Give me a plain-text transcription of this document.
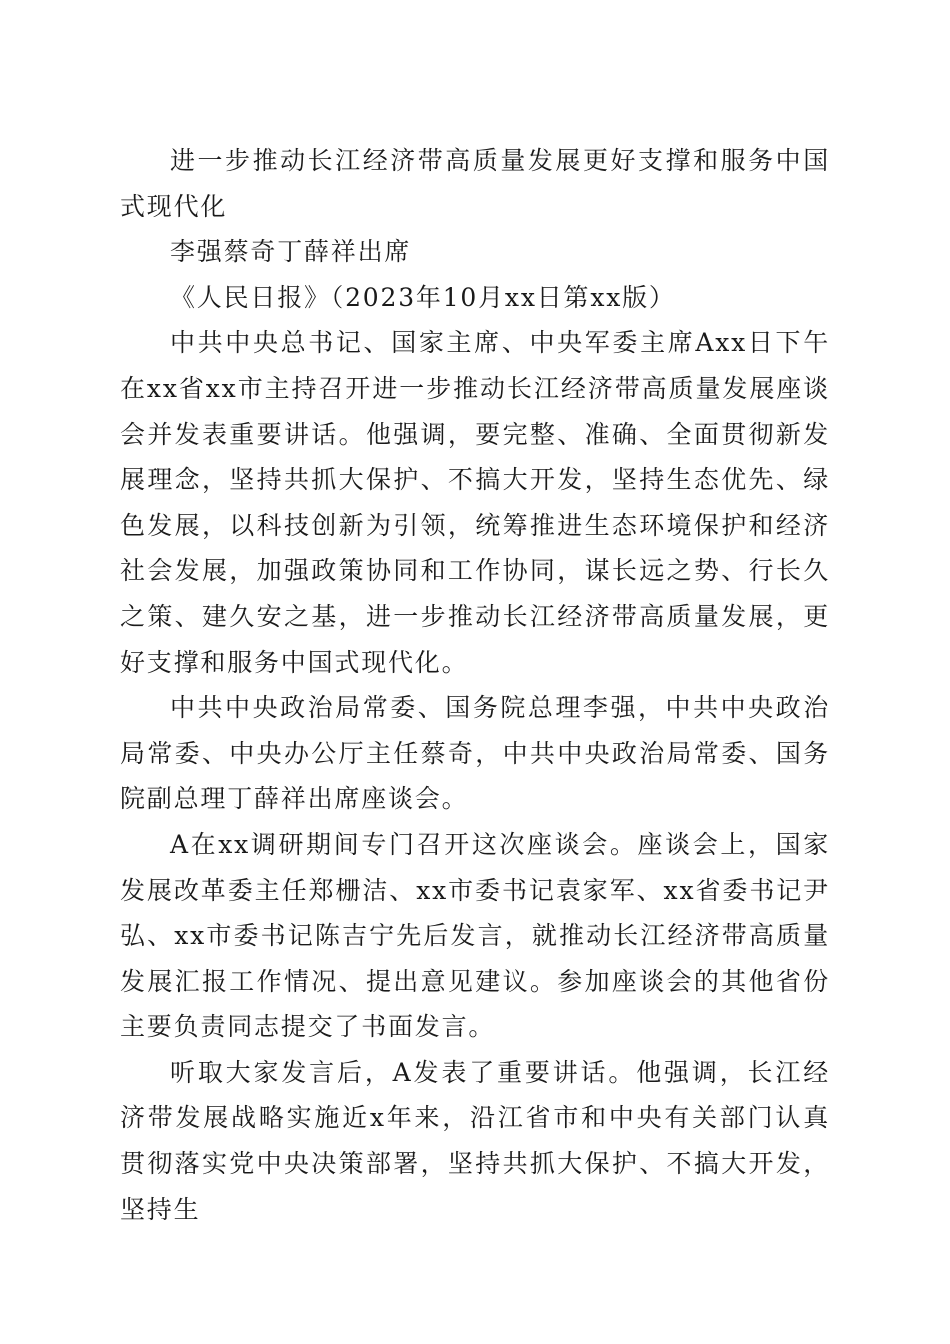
进一步推动长江经济带高质量发展更好支撑和服务中国式现代化

李强蔡奇丁薛祥出席

《人民日报》（2023年10月xx日第xx版）

中共中央总书记、国家主席、中央军委主席Axx日下午在xx省xx市主持召开进一步推动长江经济带高质量发展座谈会并发表重要讲话。他强调，要完整、准确、全面贯彻新发展理念，坚持共抓大保护、不搞大开发，坚持生态优先、绿色发展，以科技创新为引领，统筹推进生态环境保护和经济社会发展，加强政策协同和工作协同，谋长远之势、行长久之策、建久安之基，进一步推动长江经济带高质量发展，更好支撑和服务中国式现代化。

中共中央政治局常委、国务院总理李强，中共中央政治局常委、中央办公厅主任蔡奇，中共中央政治局常委、国务院副总理丁薛祥出席座谈会。

A在xx调研期间专门召开这次座谈会。座谈会上，国家发展改革委主任郑栅洁、xx市委书记袁家军、xx省委书记尹弘、xx市委书记陈吉宁先后发言，就推动长江经济带高质量发展汇报工作情况、提出意见建议。参加座谈会的其他省份主要负责同志提交了书面发言。

听取大家发言后，A发表了重要讲话。他强调，长江经济带发展战略实施近x年来，沿江省市和中央有关部门认真贯彻落实党中央决策部署，坚持共抓大保护、不搞大开发，坚持生
